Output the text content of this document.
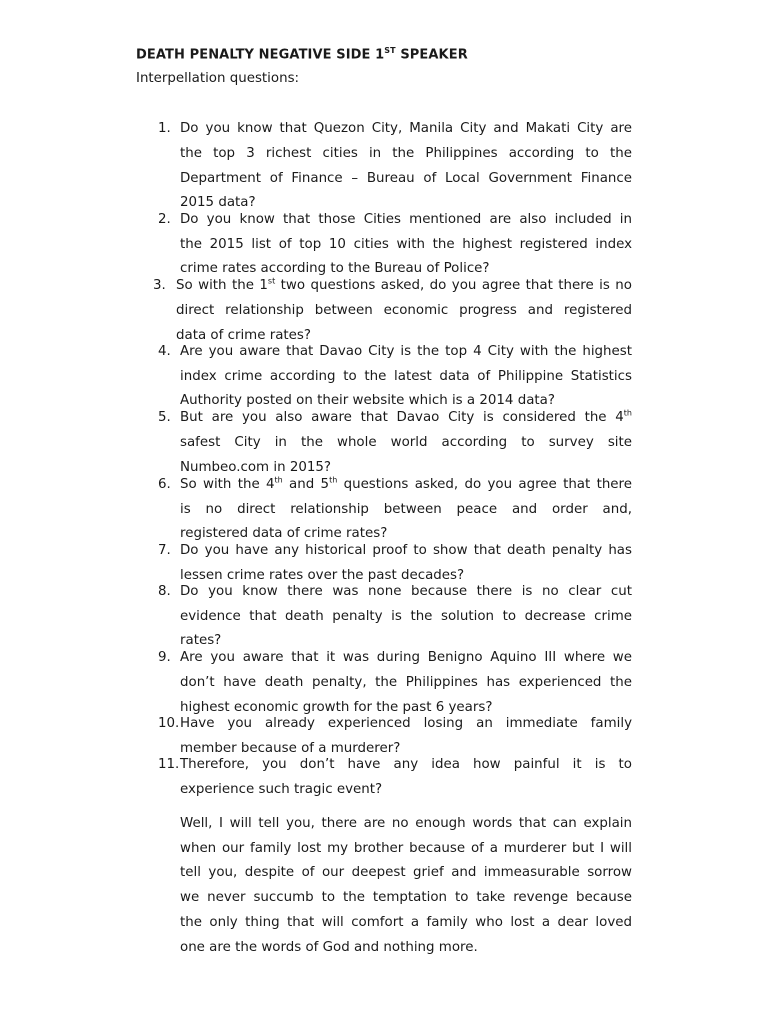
DEATH PENALTY NEGATIVE SIDE 1ST SPEAKER
Interpellation questions:
1. Do you know that Quezon City, Manila City and Makati City are
the top 3 richest cities in the Philippines according to the
Department of Finance – Bureau of Local Government Finance
2015 data?
2. Do you know that those Cities mentioned are also included in
the 2015 list of top 10 cities with the highest registered index
crime rates according to the Bureau of Police?
3. So with the 1st two questions asked, do you agree that there is no
direct relationship between economic progress and registered
data of crime rates?
4. Are you aware that Davao City is the top 4 City with the highest
index crime according to the latest data of Philippine Statistics
Authority posted on their website which is a 2014 data?
5. But are you also aware that Davao City is considered the 4th
safest City in the whole world according to survey site
Numbeo.com in 2015?
6. So with the 4th and 5th questions asked, do you agree that there
is no direct relationship between peace and order and,
registered data of crime rates?
7. Do you have any historical proof to show that death penalty has
lessen crime rates over the past decades?
8. Do you know there was none because there is no clear cut
evidence that death penalty is the solution to decrease crime
rates?
9. Are you aware that it was during Benigno Aquino III where we
don’t have death penalty, the Philippines has experienced the
highest economic growth for the past 6 years?
10. Have you already experienced losing an immediate family
member because of a murderer?
11. Therefore, you don’t have any idea how painful it is to
experience such tragic event?
Well, I will tell you, there are no enough words that can explain
when our family lost my brother because of a murderer but I will
tell you, despite of our deepest grief and immeasurable sorrow
we never succumb to the temptation to take revenge because
the only thing that will comfort a family who lost a dear loved
one are the words of God and nothing more.
